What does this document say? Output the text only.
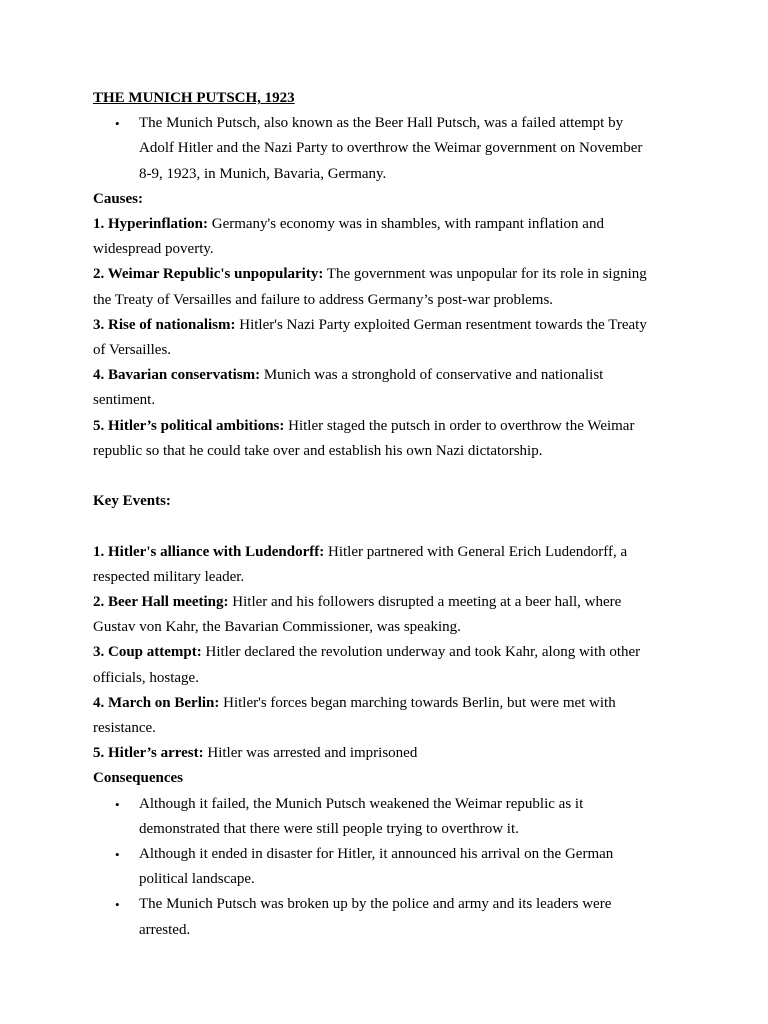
THE MUNICH PUTSCH, 1923

•	The Munich Putsch, also known as the Beer Hall Putsch, was a failed attempt by

Adolf Hitler and the Nazi Party to overthrow the Weimar government on November

8-9, 1923, in Munich, Bavaria, Germany.

Causes:

1. Hyperinflation: Germany's economy was in shambles, with rampant inflation and

widespread poverty.

2. Weimar Republic's unpopularity: The government was unpopular for its role in signing

the Treaty of Versailles and failure to address Germany’s post-war problems.

3. Rise of nationalism: Hitler's Nazi Party exploited German resentment towards the Treaty

of Versailles.

4. Bavarian conservatism: Munich was a stronghold of conservative and nationalist

sentiment.

5. Hitler’s political ambitions: Hitler staged the putsch in order to overthrow the Weimar

republic so that he could take over and establish his own Nazi dictatorship.

Key Events:

1. Hitler's alliance with Ludendorff: Hitler partnered with General Erich Ludendorff, a

respected military leader.

2. Beer Hall meeting: Hitler and his followers disrupted a meeting at a beer hall, where

Gustav von Kahr, the Bavarian Commissioner, was speaking.

3. Coup attempt: Hitler declared the revolution underway and took Kahr, along with other

officials, hostage.

4. March on Berlin: Hitler's forces began marching towards Berlin, but were met with

resistance.

5. Hitler’s arrest: Hitler was arrested and imprisoned

Consequences

•	Although it failed, the Munich Putsch weakened the Weimar republic as it

demonstrated that there were still people trying to overthrow it.

•	Although it ended in disaster for Hitler, it announced his arrival on the German

political landscape.

•	The Munich Putsch was broken up by the police and army and its leaders were

arrested.
